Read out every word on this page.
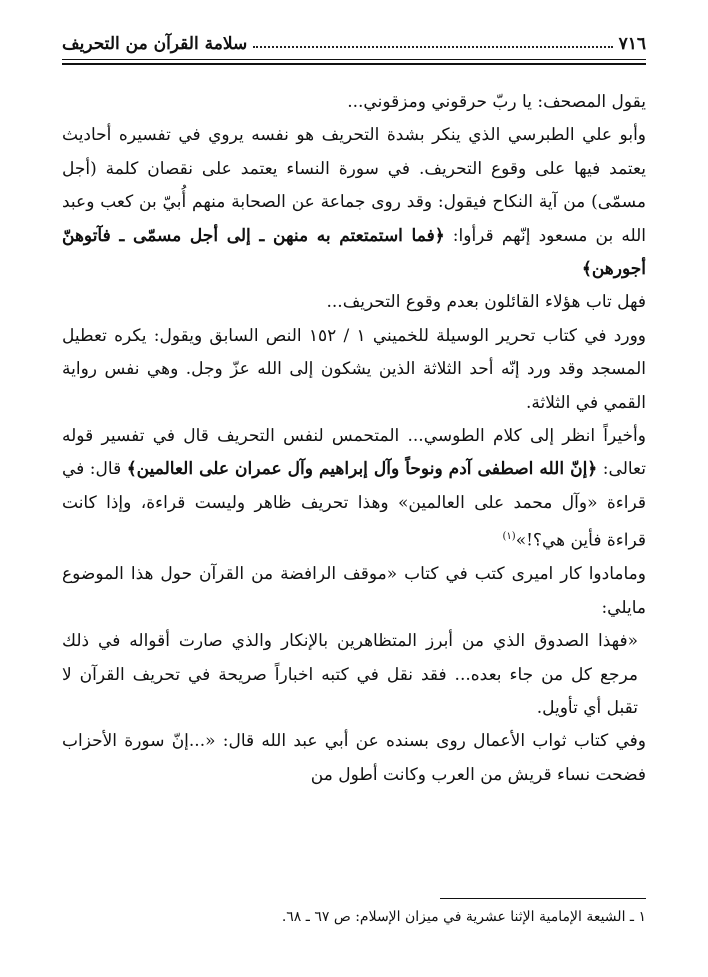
٧١٦
سلامة القرآن من التحريف

يقول المصحف: يا ربّ حرقوني ومزقوني...

وأبو علي الطبرسي الذي ينكر بشدة التحريف هو نفسه يروي في تفسيره أحاديث يعتمد فيها على وقوع التحريف. في سورة النساء يعتمد على نقصان كلمة (أجل مسمّى) من آية النكاح فيقول: وقد روى جماعة عن الصحابة منهم أُبيّ بن كعب وعبد الله بن مسعود إنّهم قرأوا: ﴿فما استمتعتم به منهن ـ إلى أجل مسمّى ـ فآتوهنّ أجورهن﴾

فهل تاب هؤلاء القائلون بعدم وقوع التحريف...

وورد في كتاب تحرير الوسيلة للخميني ١ / ١٥٢ النص السابق ويقول: يكره تعطيل المسجد وقد ورد إنّه أحد الثلاثة الذين يشكون إلى الله عزّ وجل. وهي نفس رواية القمي في الثلاثة.

وأخيراً انظر إلى كلام الطوسي... المتحمس لنفس التحريف قال في تفسير قوله تعالى: ﴿إنّ الله اصطفى آدم ونوحاً وآل إبراهيم وآل عمران على العالمين﴾ قال: في قراءة «وآل محمد على العالمين» وهذا تحريف ظاهر وليست قراءة، وإذا كانت قراءة فأين هي؟!»$^{(١)}$

ومامادوا كار اميرى كتب في كتاب «موقف الرافضة من القرآن حول هذا الموضوع مايلي:

«فهذا الصدوق الذي من أبرز المتظاهرين بالإنكار والذي صارت أقواله في ذلك مرجع كل من جاء بعده... فقد نقل في كتبه اخباراً صريحة في تحريف القرآن لا تقبل أي تأويل.

وفي كتاب ثواب الأعمال روى بسنده عن أبي عبد الله قال: «...إنّ سورة الأحزاب فضحت نساء قريش من العرب وكانت أطول من

١ ـ الشيعة الإمامية الإثنا عشرية في ميزان الإسلام: ص ٦٧ ـ ٦٨.
